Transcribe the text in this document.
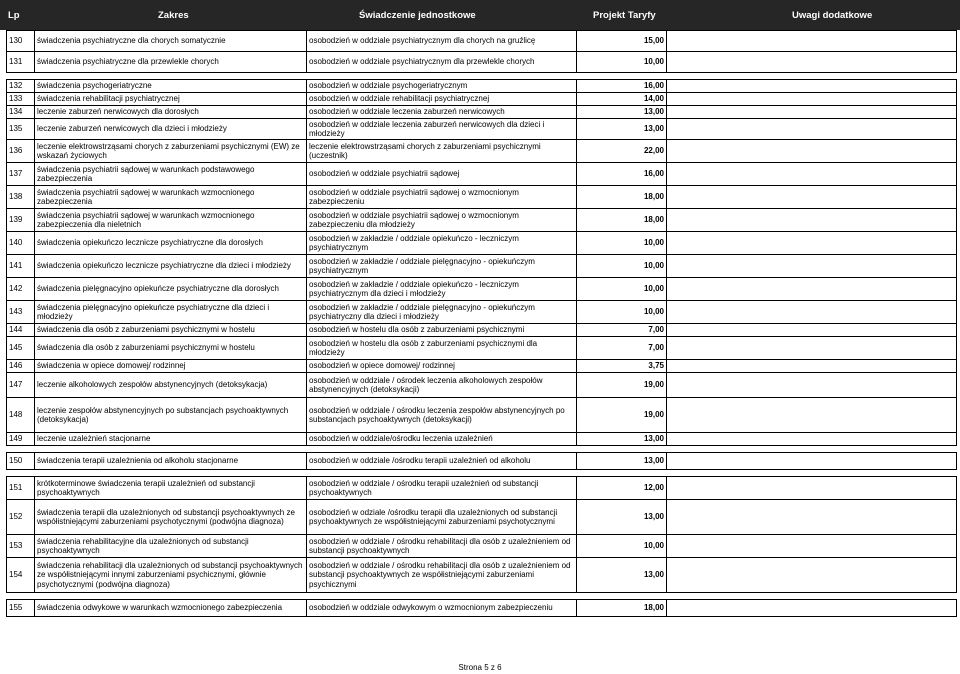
Lp	Zakres	Świadczenie jednostkowe	Projekt Taryfy	Uwagi dodatkowe
130	świadczenia psychiatryczne dla chorych somatycznie	osobodzień w oddziale psychiatrycznym dla chorych na gruźlicę	15,00	
131	świadczenia psychiatryczne dla przewlekle chorych	osobodzień w oddziale psychiatrycznym dla przewlekle chorych	10,00	

132	świadczenia psychogeriatryczne	osobodzień w oddziale psychogeriatrycznym	16,00	
133	świadczenia rehabilitacji psychiatrycznej	osobodzień w oddziale rehabilitacji psychiatrycznej	14,00	
134	leczenie zaburzeń nerwicowych dla dorosłych	osobodzień w oddziale leczenia zaburzeń nerwicowych	13,00	
135	leczenie zaburzeń nerwicowych dla dzieci i młodzieży	osobodzień w oddziale leczenia zaburzeń nerwicowych dla dzieci i młodzieży	13,00	
136	leczenie elektrowstrząsami chorych z zaburzeniami psychicznymi (EW) ze wskazań życiowych	leczenie elektrowstrząsami chorych z zaburzeniami psychicznymi (uczestnik)	22,00	
137	świadczenia psychiatrii sądowej w warunkach podstawowego zabezpieczenia	osobodzień w oddziale psychiatrii sądowej	16,00	
138	świadczenia psychiatrii sądowej w warunkach wzmocnionego zabezpieczenia	osobodzień w oddziale psychiatrii sądowej o wzmocnionym zabezpieczeniu	18,00	
139	świadczenia psychiatrii sądowej w warunkach wzmocnionego zabezpieczenia dla nieletnich	osobodzień w oddziale psychiatrii sądowej o wzmocnionym zabezpieczeniu dla młodzieży	18,00	
140	świadczenia opiekuńczo lecznicze psychiatryczne dla dorosłych	osobodzień w zakładzie / oddziale opiekuńczo - leczniczym psychiatrycznym	10,00	
141	świadczenia opiekuńczo lecznicze psychiatryczne dla dzieci i młodzieży	osobodzień w zakładzie / oddziale pielęgnacyjno - opiekuńczym psychiatrycznym	10,00	
142	świadczenia pielęgnacyjno opiekuńcze psychiatryczne dla dorosłych	osobodzień w zakładzie / oddziale opiekuńczo - leczniczym psychiatrycznym dla dzieci i młodzieży	10,00	
143	świadczenia pielęgnacyjno opiekuńcze psychiatryczne dla dzieci i młodzieży	osobodzień w zakładzie / oddziale pielęgnacyjno - opiekuńczym psychiatryczny dla dzieci i młodzieży	10,00	
144	świadczenia dla osób z zaburzeniami psychicznymi w hostelu	osobodzień w hostelu dla osób z zaburzeniami psychicznymi	7,00	
145	świadczenia dla osób z zaburzeniami psychicznymi w hostelu	osobodzień w hostelu dla osób z zaburzeniami psychicznymi dla młodzieży	7,00	
146	świadczenia w opiece domowej/ rodzinnej	osobodzień w opiece domowej/ rodzinnej	3,75	
147	leczenie alkoholowych zespołów abstynencyjnych (detoksykacja)	osobodzień w oddziale / ośrodek leczenia alkoholowych zespołów abstynencyjnych (detoksykacji)	19,00	
148	leczenie zespołów abstynencyjnych po substancjach psychoaktywnych (detoksykacja)	osobodzień w oddziale / ośrodku leczenia zespołów abstynencyjnych po substancjach psychoaktywnych (detoksykacji)	19,00	
149	leczenie uzależnień stacjonarne	osobodzień w oddziale/ośrodku leczenia uzależnień	13,00	

150	świadczenia terapii uzależnienia od alkoholu stacjonarne	osobodzień w oddziale /ośrodku terapii uzależnień od alkoholu	13,00	

151	krótkoterminowe świadczenia terapii uzależnień od substancji psychoaktywnych	osobodzień w oddziale / ośrodku terapii uzależnień od substancji psychoaktywnych	12,00	
152	świadczenia terapii dla uzależnionych od substancji psychoaktywnych ze współistniejącymi zaburzeniami psychotycznymi (podwójna diagnoza)	osobodzień w odziale /ośrodku terapii dla uzależnionych od substancji psychoaktywnych ze współistniejącymi zaburzeniami psychotycznymi	13,00	
153	świadczenia rehabilitacyjne dla uzależnionych od substancji psychoaktywnych	osobodzień w oddziale / ośrodku rehabilitacji dla osób z uzależnieniem od substancji psychoaktywnych	10,00	
154	świadczenia rehabilitacji dla uzależnionych od substancji psychoaktywnych ze współistniejącymi innymi zaburzeniami psychicznymi, głównie psychotycznymi (podwójna diagnoza)	osobodzień w oddziale / ośrodku rehabilitacji dla osób z uzależnieniem od substancji psychoaktywnych ze współistniejącymi zaburzeniami psychicznymi	13,00	

155	świadczenia odwykowe w warunkach wzmocnionego zabezpieczenia	osobodzień w oddziale odwykowym o wzmocnionym zabezpieczeniu	18,00	
Strona 5 z 6
